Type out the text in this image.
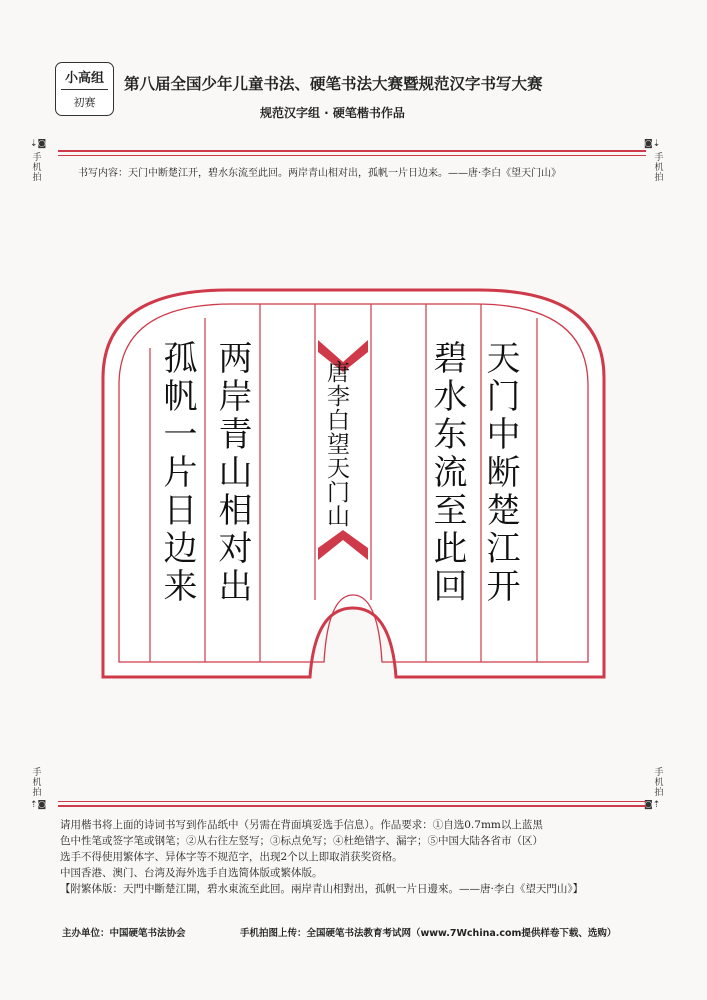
小高组
初赛
第八届全国少年儿童书法、硬笔书法大赛暨规范汉字书写大赛
规范汉字组 · 硬笔楷书作品
⇣◙
手机拍
◙⇣
手机拍
书写内容：天门中断楚江开，碧水东流至此回。两岸青山相对出，孤帆一片日边来。——唐·李白《望天门山》
天门中断楚江开
碧水东流至此回
唐李白望天门山
两岸青山相对出
孤帆一片日边来
手机拍
⇡◙
手机拍
◙⇡
请用楷书将上面的诗词书写到作品纸中（另需在背面填妥选手信息）。作品要求：①自选0.7mm以上蓝黑
色中性笔或签字笔或钢笔；②从右往左竖写；③标点免写；④杜绝错字、漏字；⑤中国大陆各省市（区）
选手不得使用繁体字、异体字等不规范字，出现2个以上即取消获奖资格。
中国香港、澳门、台湾及海外选手自选简体版或繁体版。
【附繁体版：天門中斷楚江開，碧水東流至此回。兩岸青山相對出，孤帆一片日邊來。——唐·李白《望天門山》】
主办单位：中国硬笔书法协会	手机拍图上传：全国硬笔书法教育考试网（www.7Wchina.com提供样卷下载、选购）
